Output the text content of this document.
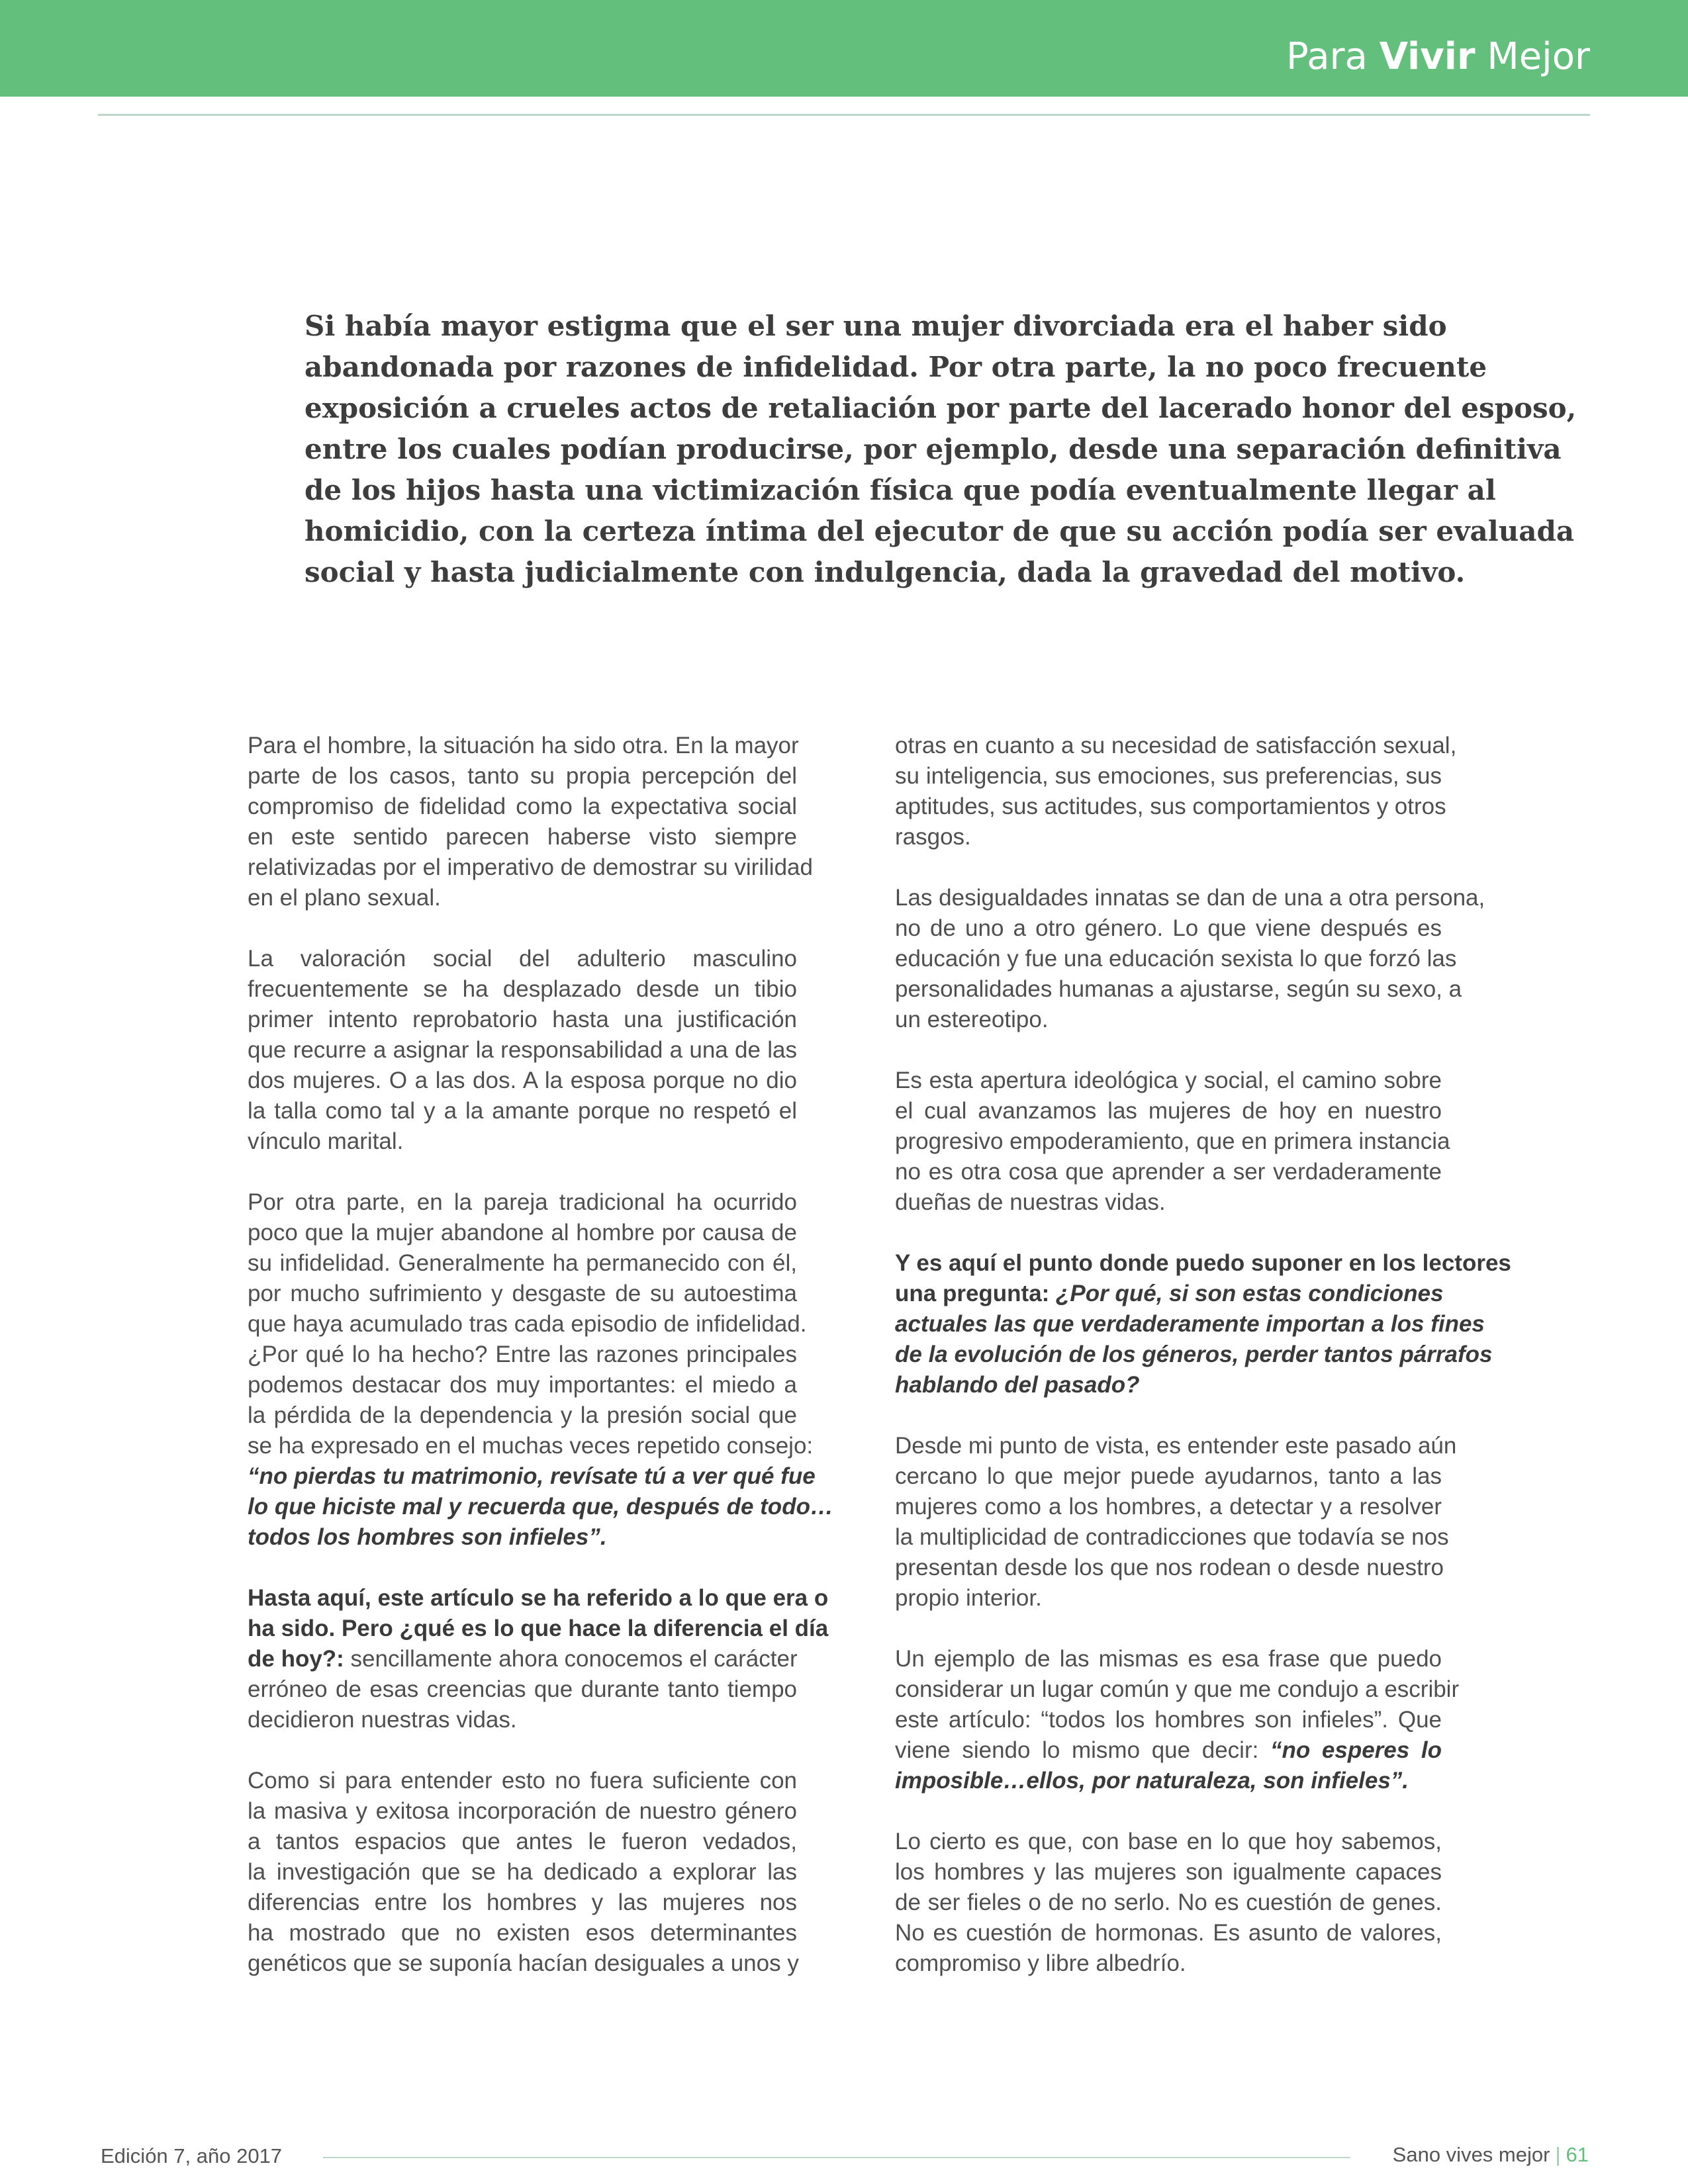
Para Vivir Mejor
Si había mayor estigma que el ser una mujer divorciada era el haber sido
abandonada por razones de infidelidad. Por otra parte, la no poco frecuente
exposición a crueles actos de retaliación por parte del lacerado honor del esposo,
entre los cuales podían producirse, por ejemplo, desde una separación definitiva
de los hijos hasta una victimización física que podía eventualmente llegar al
homicidio, con la certeza íntima del ejecutor de que su acción podía ser evaluada
social y hasta judicialmente con indulgencia, dada la gravedad del motivo.
Para el hombre, la situación ha sido otra. En la mayor
parte de los casos, tanto su propia percepción del
compromiso de fidelidad como la expectativa social
en este sentido parecen haberse visto siempre
relativizadas por el imperativo de demostrar su virilidad
en el plano sexual.
La valoración social del adulterio masculino
frecuentemente se ha desplazado desde un tibio
primer intento reprobatorio hasta una justificación
que recurre a asignar la responsabilidad a una de las
dos mujeres. O a las dos. A la esposa porque no dio
la talla como tal y a la amante porque no respetó el
vínculo marital.
Por otra parte, en la pareja tradicional ha ocurrido
poco que la mujer abandone al hombre por causa de
su infidelidad. Generalmente ha permanecido con él,
por mucho sufrimiento y desgaste de su autoestima
que haya acumulado tras cada episodio de infidelidad.
¿Por qué lo ha hecho? Entre las razones principales
podemos destacar dos muy importantes: el miedo a
la pérdida de la dependencia y la presión social que
se ha expresado en el muchas veces repetido consejo:
“no pierdas tu matrimonio, revísate tú a ver qué fue
lo que hiciste mal y recuerda que, después de todo…
todos los hombres son infieles”.
Hasta aquí, este artículo se ha referido a lo que era o
ha sido. Pero ¿qué es lo que hace la diferencia el día
de hoy?: sencillamente ahora conocemos el carácter
erróneo de esas creencias que durante tanto tiempo
decidieron nuestras vidas.
Como si para entender esto no fuera suficiente con
la masiva y exitosa incorporación de nuestro género
a tantos espacios que antes le fueron vedados,
la investigación que se ha dedicado a explorar las
diferencias entre los hombres y las mujeres nos
ha mostrado que no existen esos determinantes
genéticos que se suponía hacían desiguales a unos y
otras en cuanto a su necesidad de satisfacción sexual,
su inteligencia, sus emociones, sus preferencias, sus
aptitudes, sus actitudes, sus comportamientos y otros
rasgos.
Las desigualdades innatas se dan de una a otra persona,
no de uno a otro género. Lo que viene después es
educación y fue una educación sexista lo que forzó las
personalidades humanas a ajustarse, según su sexo, a
un estereotipo.
Es esta apertura ideológica y social, el camino sobre
el cual avanzamos las mujeres de hoy en nuestro
progresivo empoderamiento, que en primera instancia
no es otra cosa que aprender a ser verdaderamente
dueñas de nuestras vidas.
Y es aquí el punto donde puedo suponer en los lectores
una pregunta: ¿Por qué, si son estas condiciones
actuales las que verdaderamente importan a los fines
de la evolución de los géneros, perder tantos párrafos
hablando del pasado?
Desde mi punto de vista, es entender este pasado aún
cercano lo que mejor puede ayudarnos, tanto a las
mujeres como a los hombres, a detectar y a resolver
la multiplicidad de contradicciones que todavía se nos
presentan desde los que nos rodean o desde nuestro
propio interior.
Un ejemplo de las mismas es esa frase que puedo
considerar un lugar común y que me condujo a escribir
este artículo: “todos los hombres son infieles”. Que
viene siendo lo mismo que decir: “no esperes lo
imposible…ellos, por naturaleza, son infieles”.
Lo cierto es que, con base en lo que hoy sabemos,
los hombres y las mujeres son igualmente capaces
de ser fieles o de no serlo. No es cuestión de genes.
No es cuestión de hormonas. Es asunto de valores,
compromiso y libre albedrío.
Edición 7, año 2017	Sano vives mejor | 61
